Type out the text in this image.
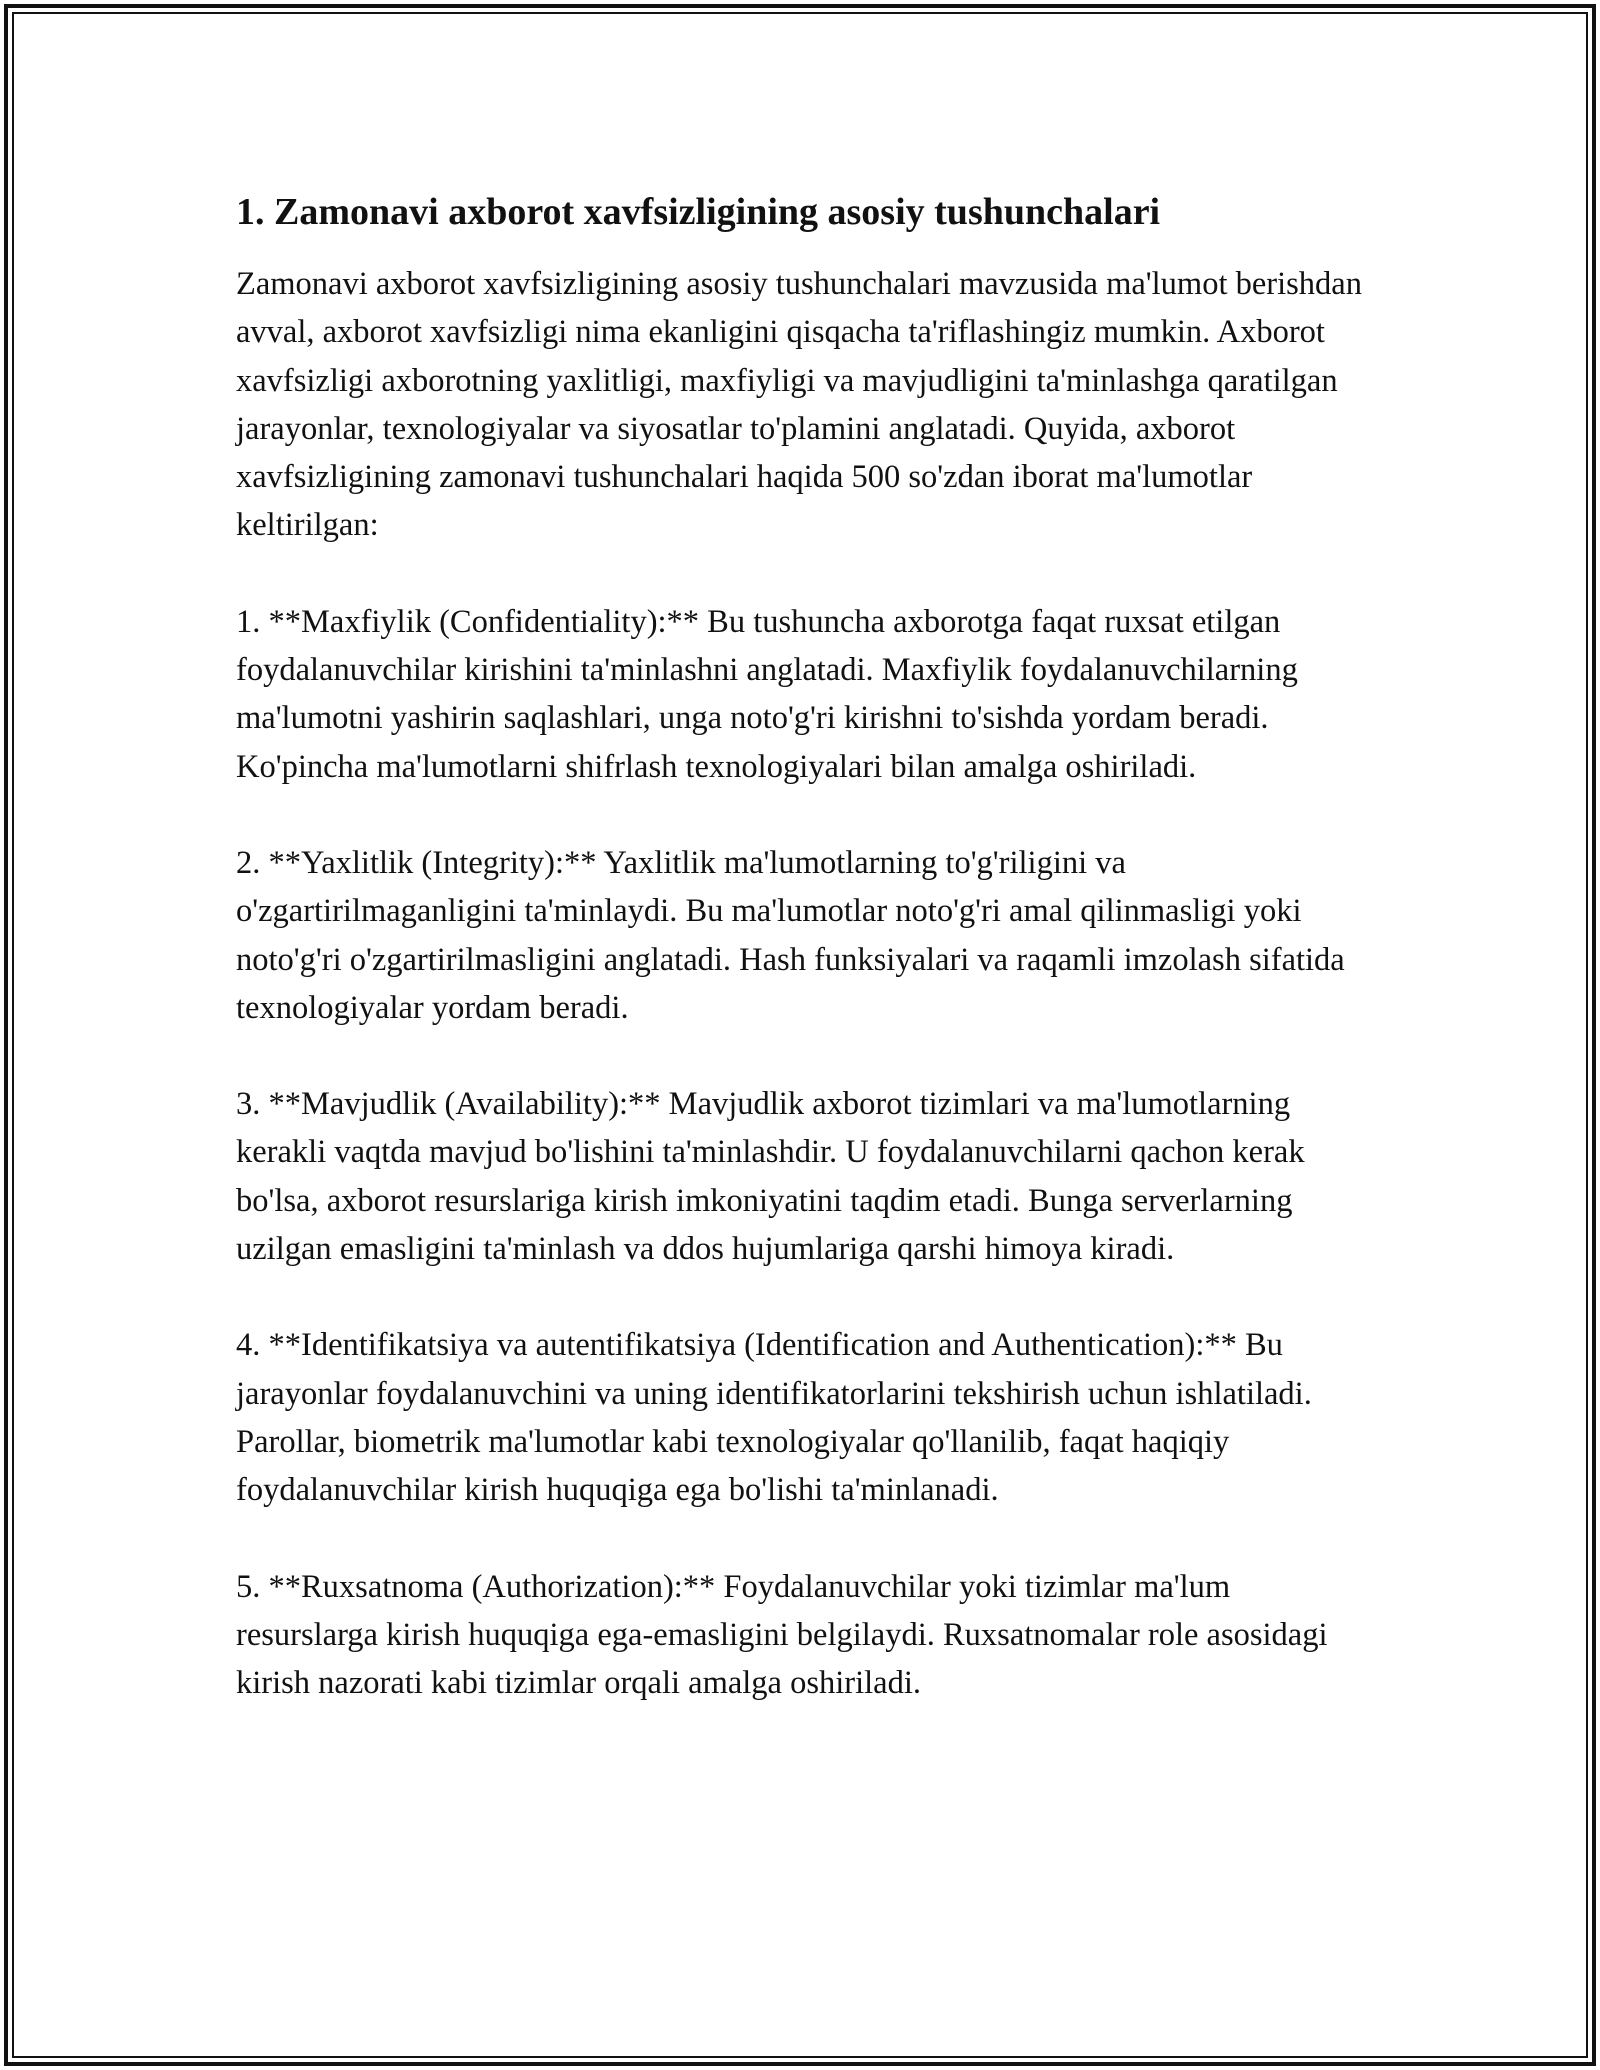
1. Zamonavi axborot xavfsizligining asosiy tushunchalari

Zamonavi axborot xavfsizligining asosiy tushunchalari mavzusida ma'lumot berishdan avval, axborot xavfsizligi nima ekanligini qisqacha ta'riflashingiz mumkin. Axborot xavfsizligi axborotning yaxlitligi, maxfiyligi va mavjudligini ta'minlashga qaratilgan jarayonlar, texnologiyalar va siyosatlar to'plamini anglatadi. Quyida, axborot xavfsizligining zamonavi tushunchalari haqida 500 so'zdan iborat ma'lumotlar keltirilgan:

1. **Maxfiylik (Confidentiality):** Bu tushuncha axborotga faqat ruxsat etilgan foydalanuvchilar kirishini ta'minlashni anglatadi. Maxfiylik foydalanuvchilarning ma'lumotni yashirin saqlashlari, unga noto'g'ri kirishni to'sishda yordam beradi. Ko'pincha ma'lumotlarni shifrlash texnologiyalari bilan amalga oshiriladi.

2. **Yaxlitlik (Integrity):** Yaxlitlik ma'lumotlarning to'g'riligini va o'zgartirilmaganligini ta'minlaydi. Bu ma'lumotlar noto'g'ri amal qilinmasligi yoki noto'g'ri o'zgartirilmasligini anglatadi. Hash funksiyalari va raqamli imzolash sifatida texnologiyalar yordam beradi.

3. **Mavjudlik (Availability):** Mavjudlik axborot tizimlari va ma'lumotlarning kerakli vaqtda mavjud bo'lishini ta'minlashdir. U foydalanuvchilarni qachon kerak bo'lsa, axborot resurslariga kirish imkoniyatini taqdim etadi. Bunga serverlarning uzilgan emasligini ta'minlash va ddos hujumlariga qarshi himoya kiradi.

4. **Identifikatsiya va autentifikatsiya (Identification and Authentication):** Bu jarayonlar foydalanuvchini va uning identifikatorlarini tekshirish uchun ishlatiladi. Parollar, biometrik ma'lumotlar kabi texnologiyalar qo'llanilib, faqat haqiqiy foydalanuvchilar kirish huquqiga ega bo'lishi ta'minlanadi.

5. **Ruxsatnoma (Authorization):** Foydalanuvchilar yoki tizimlar ma'lum resurslarga kirish huquqiga ega-emasligini belgilaydi. Ruxsatnomalar role asosidagi kirish nazorati kabi tizimlar orqali amalga oshiriladi.
